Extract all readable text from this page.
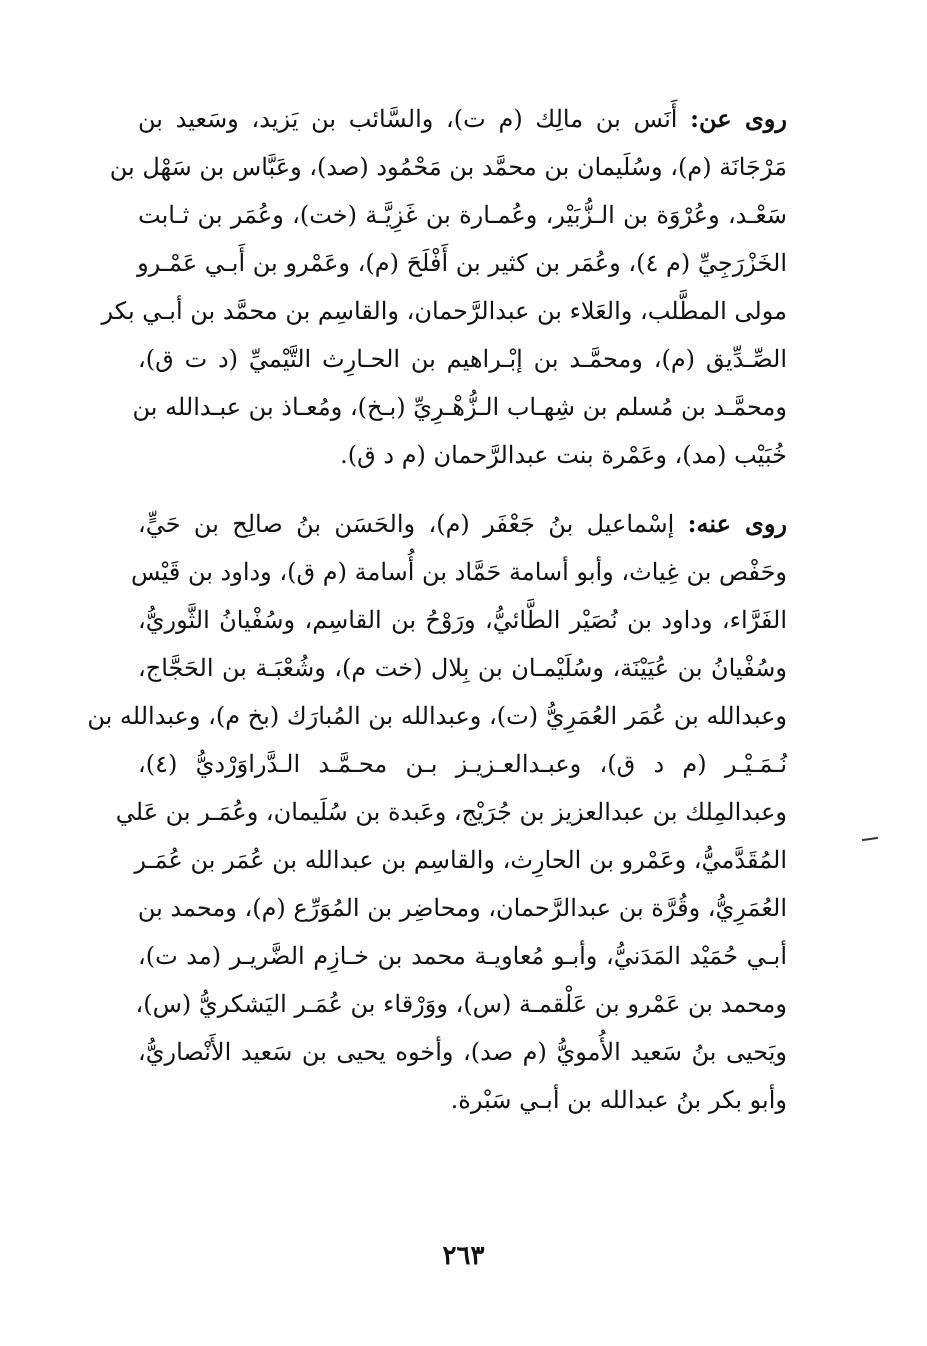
روى عن: أَنَس بن مالِك (م ت)، والسَّائب بن يَزيد، وسَعيد بن
مَرْجَانَة (م)، وسُلَيمان بن محمَّد بن مَحْمُود (صد)، وعَبَّاس بن سَهْل بن
سَعْـد، وعُرْوَة بن الـزُّبَيْر، وعُمـارة بن غَزِيَّـة (خت)، وعُمَر بن ثـابت
الخَزْرَجِيِّ (م ٤)، وعُمَر بن كثير بن أَفْلَحَ (م)، وعَمْرو بن أَبـي عَمْـرو
مولى المطَّلب، والعَلاء بن عبدالرَّحمان، والقاسِم بن محمَّد بن أبـي بكر
الصِّـدِّيق (م)، ومحمَّـد بن إبْـراهيم بن الحـارِث التَّيْميِّ (د ت ق)،
ومحمَّـد بن مُسلم بن شِهـاب الـزُّهْـرِيِّ (بـخ)، ومُعـاذ بن عبـدالله بن
خُبَيْب (مد)، وعَمْرة بنت عبدالرَّحمان (م د ق).
روى عنه: إسْماعيل بنُ جَعْفَر (م)، والحَسَن بنُ صالِح بن حَيٍّ،
وحَفْص بن غِياث، وأبو أسامة حَمَّاد بن أُسامة (م ق)، وداود بن قَيْس
الفَرَّاء، وداود بن نُصَيْر الطَّائيُّ، ورَوْحُ بن القاسِم، وسُفْيانُ الثَّوريُّ،
وسُفْيانُ بن عُيَيْنَة، وسُلَيْمـان بن بِلال (خت م)، وشُعْبَـة بن الحَجَّاج،
وعبدالله بن عُمَر العُمَرِيُّ (ت)، وعبدالله بن المُبارَك (بخ م)، وعبدالله بن
نُـمَـيْـر (م د ق)، وعبـدالعـزيـز بـن محـمَّـد الـدَّراوَرْديُّ (٤)،
وعبدالمِلك بن عبدالعزيز بن جُرَيْج، وعَبدة بن سُلَيمان، وعُمَـر بن عَلي
المُقَدَّميُّ، وعَمْرو بن الحارِث، والقاسِم بن عبدالله بن عُمَر بن عُمَـر
العُمَرِيُّ، وقُرَّة بن عبدالرَّحمان، ومحاضِر بن المُوَرِّع (م)، ومحمد بن
أبـي حُمَيْد المَدَنيُّ، وأبـو مُعاويـة محمد بن خـازِم الضَّريـر (مد ت)،
ومحمد بن عَمْرو بن عَلْقمـة (س)، ووَرْقاء بن عُمَـر اليَشكريُّ (س)،
ويَحيى بنُ سَعيد الأُمويُّ (م صد)، وأخوه يحيى بن سَعيد الأَنْصاريُّ،
وأبو بكر بنُ عبدالله بن أبـي سَبْرة.
٢٦٣
